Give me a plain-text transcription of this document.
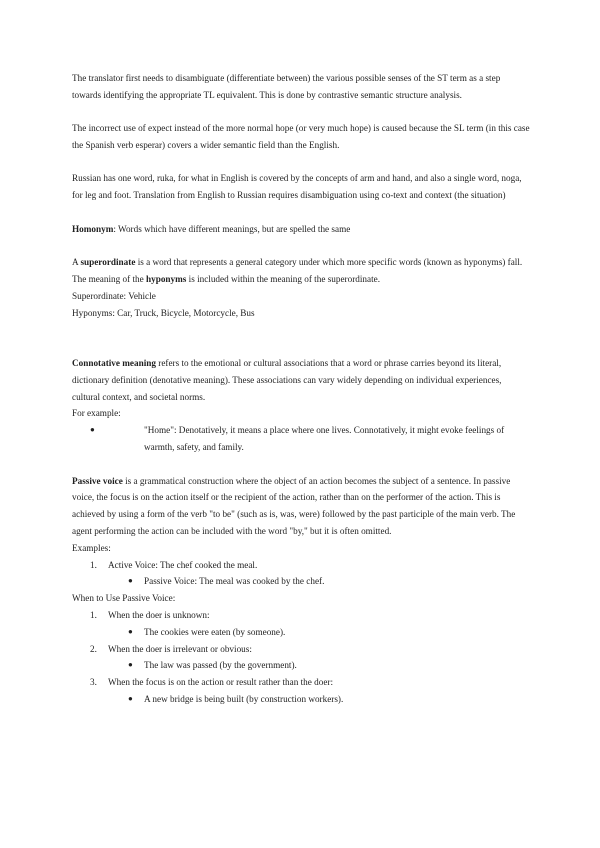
The translator first needs to disambiguate (differentiate between) the various possible senses of the ST term as a step towards identifying the appropriate TL equivalent. This is done by contrastive semantic structure analysis.

The incorrect use of expect instead of the more normal hope (or very much hope) is caused because the SL term (in this case the Spanish verb esperar) covers a wider semantic field than the English.

Russian has one word, ruka, for what in English is covered by the concepts of arm and hand, and also a single word, noga, for leg and foot. Translation from English to Russian requires disambiguation using co-text and context (the situation)

Homonym: Words which have different meanings, but are spelled the same

A superordinate is a word that represents a general category under which more specific words (known as hyponyms) fall. The meaning of the hyponyms is included within the meaning of the superordinate.

Superordinate: Vehicle

Hyponyms: Car, Truck, Bicycle, Motorcycle, Bus

Connotative meaning refers to the emotional or cultural associations that a word or phrase carries beyond its literal, dictionary definition (denotative meaning). These associations can vary widely depending on individual experiences, cultural context, and societal norms.

For example:

●	"Home": Denotatively, it means a place where one lives. Connotatively, it might evoke feelings of warmth, safety, and family.

Passive voice is a grammatical construction where the object of an action becomes the subject of a sentence. In passive voice, the focus is on the action itself or the recipient of the action, rather than on the performer of the action. This is achieved by using a form of the verb "to be" (such as is, was, were) followed by the past participle of the main verb. The agent performing the action can be included with the word "by," but it is often omitted.

Examples:

1. Active Voice: The chef cooked the meal.
● Passive Voice: The meal was cooked by the chef.

When to Use Passive Voice:

1. When the doer is unknown:
● The cookies were eaten (by someone).
2. When the doer is irrelevant or obvious:
● The law was passed (by the government).
3. When the focus is on the action or result rather than the doer:
● A new bridge is being built (by construction workers).
